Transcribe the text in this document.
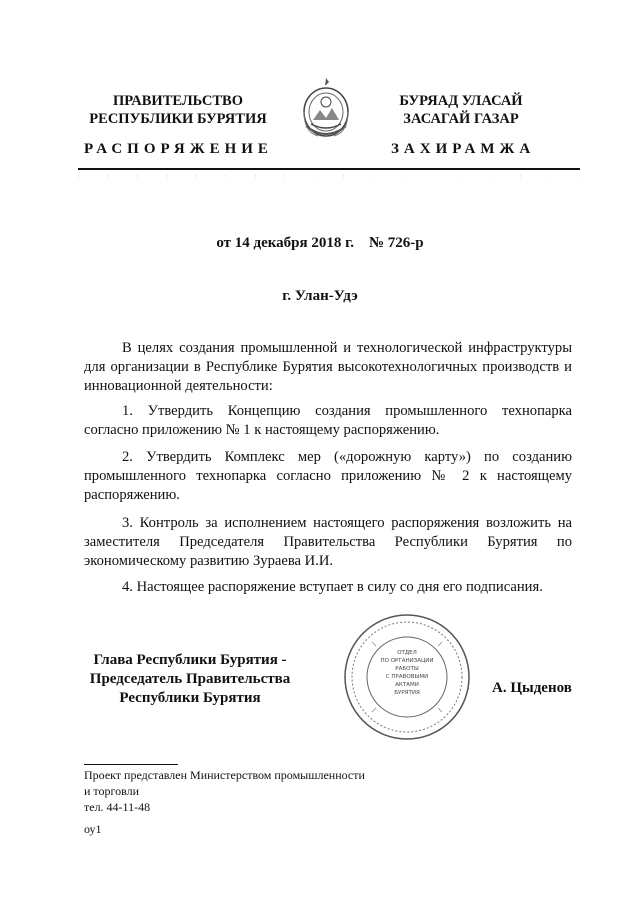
ПРАВИТЕЛЬСТВО
РЕСПУБЛИКИ БУРЯТИЯ
БУРЯАД УЛАСАЙ
ЗАСАГАЙ ГАЗАР
РАСПОРЯЖЕНИЕ	ЗАХИРАМЖА
:	:	:	:	:	:	:	:	:	:	:	:	:	:	:	:	:	:
от 14 декабря 2018 г.    № 726-р
г. Улан-Удэ

В целях создания промышленной и технологической инфраструктуры для организации в Республике Бурятия высокотехнологичных производств и инновационной деятельности:

1. Утвердить Концепцию создания промышленного технопарка согласно приложению № 1 к настоящему распоряжению.

2. Утвердить Комплекс мер («дорожную карту») по созданию промышленного технопарка согласно приложению № 2 к настоящему распоряжению.

3. Контроль за исполнением настоящего распоряжения возложить на заместителя Председателя Правительства Республики Бурятия по экономическому развитию Зураева И.И.

4. Настоящее распоряжение вступает в силу со дня его подписания.

Глава Республики Бурятия -
Председатель Правительства
Республики Бурятия
ОТДЕЛ
ПО ОРГАНИЗАЦИИ
РАБОТЫ
С ПРАВОВЫМИ
АКТАМИ
БУРЯТИЯ	А. Цыденов
Проект представлен Министерством промышленности
и торговли
тел. 44-11-48
оу1
